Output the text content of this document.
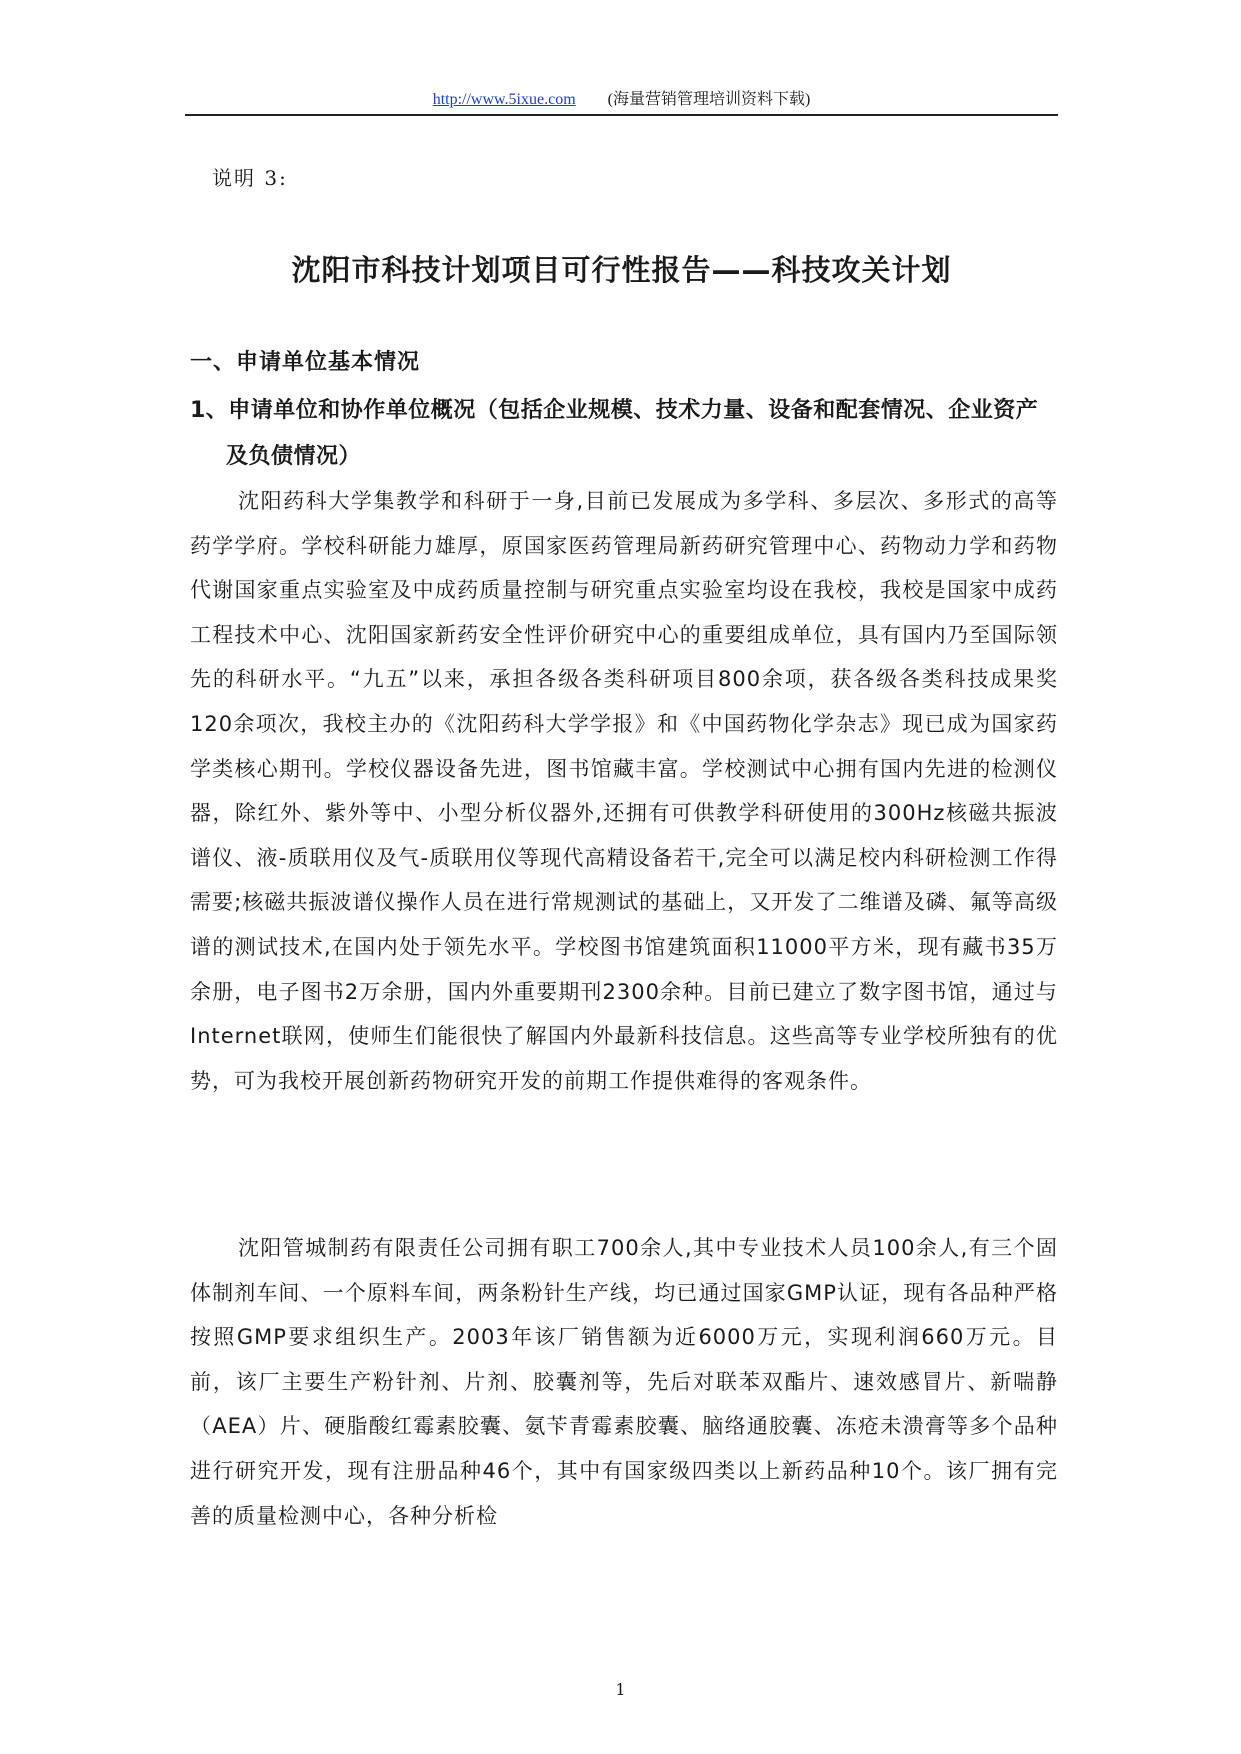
http://www.5ixue.com (海量营销管理培训资料下载)
说明 3:
沈阳市科技计划项目可行性报告——科技攻关计划
一、申请单位基本情况
1、申请单位和协作单位概况（包括企业规模、技术力量、设备和配套情况、企业资产及负债情况）
沈阳药科大学集教学和科研于一身,目前已发展成为多学科、多层次、多形式的高等药学学府。学校科研能力雄厚，原国家医药管理局新药研究管理中心、药物动力学和药物代谢国家重点实验室及中成药质量控制与研究重点实验室均设在我校，我校是国家中成药工程技术中心、沈阳国家新药安全性评价研究中心的重要组成单位，具有国内乃至国际领先的科研水平。“九五”以来，承担各级各类科研项目800余项，获各级各类科技成果奖120余项次，我校主办的《沈阳药科大学学报》和《中国药物化学杂志》现已成为国家药学类核心期刊。学校仪器设备先进，图书馆藏丰富。学校测试中心拥有国内先进的检测仪器，除红外、紫外等中、小型分析仪器外,还拥有可供教学科研使用的300Hz核磁共振波谱仪、液-质联用仪及气-质联用仪等现代高精设备若干,完全可以满足校内科研检测工作得需要;核磁共振波谱仪操作人员在进行常规测试的基础上，又开发了二维谱及磷、氟等高级谱的测试技术,在国内处于领先水平。学校图书馆建筑面积11000平方米，现有藏书35万余册，电子图书2万余册，国内外重要期刊2300余种。目前已建立了数字图书馆，通过与Internet联网，使师生们能很快了解国内外最新科技信息。这些高等专业学校所独有的优势，可为我校开展创新药物研究开发的前期工作提供难得的客观条件。
沈阳管城制药有限责任公司拥有职工700余人,其中专业技术人员100余人,有三个固体制剂车间、一个原料车间，两条粉针生产线，均已通过国家GMP认证，现有各品种严格按照GMP要求组织生产。2003年该厂销售额为近6000万元，实现利润660万元。目前，该厂主要生产粉针剂、片剂、胶囊剂等，先后对联苯双酯片、速效感冒片、新喘静（AEA）片、硬脂酸红霉素胶囊、氨苄青霉素胶囊、脑络通胶囊、冻疮未溃膏等多个品种进行研究开发，现有注册品种46个，其中有国家级四类以上新药品种10个。该厂拥有完善的质量检测中心，各种分析检
1
